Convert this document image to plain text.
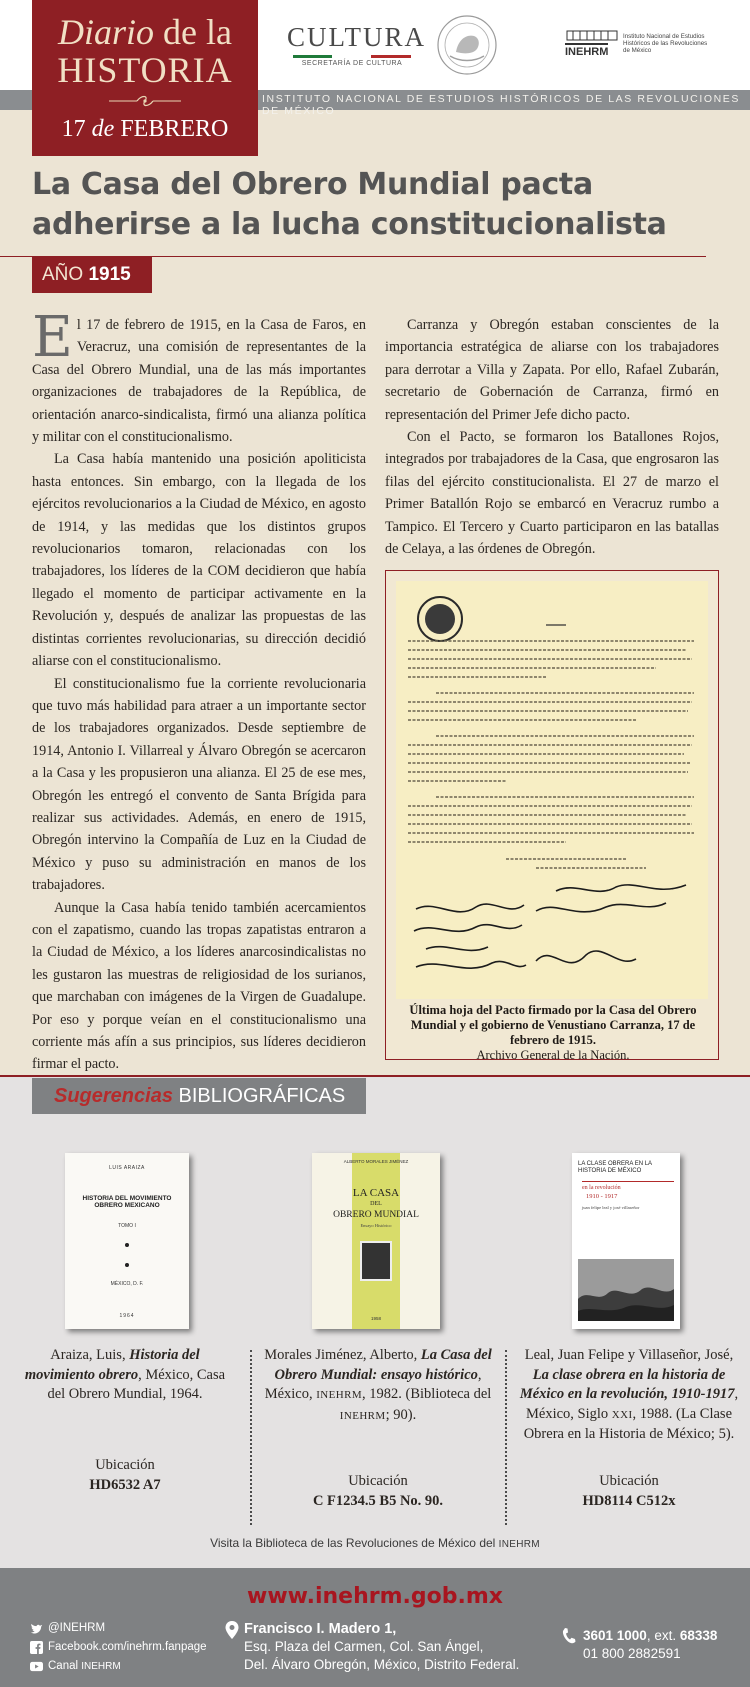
INSTITUTO NACIONAL DE ESTUDIOS HISTÓRICOS DE LAS REVOLUCIONES DE MÉXICO
Diario de la
HISTORIA
17 de FEBRERO
CULTURA
SECRETARÍA DE CULTURA
INEHRM
Instituto Nacional de Estudios Históricos de las Revoluciones de México
La Casa del Obrero Mundial pacta
adherirse a la lucha constitucionalista
AÑO 1915

El 17 de febrero de 1915, en la Casa de Faros, en Veracruz, una comisión de representantes de la Casa del Obrero Mundial, una de las más importantes organizaciones de trabajadores de la República, de orientación anarco-sindicalista, firmó una alianza política y militar con el constitucionalismo.

La Casa había mantenido una posición apoliticista hasta entonces. Sin embargo, con la llegada de los ejércitos revolucionarios a la Ciudad de México, en agosto de 1914, y las medidas que los distintos grupos revolucionarios tomaron, relacionadas con los trabajadores, los líderes de la COM decidieron que había llegado el momento de participar activamente en la Revolución y, después de analizar las propuestas de las distintas corrientes revolucionarias, su dirección decidió aliarse con el constitucionalismo.

El constitucionalismo fue la corriente revolucionaria que tuvo más habilidad para atraer a un importante sector de los trabajadores organizados. Desde septiembre de 1914, Antonio I. Villarreal y Álvaro Obregón se acercaron a la Casa y les propusieron una alianza. El 25 de ese mes, Obregón les entregó el convento de Santa Brígida para realizar sus actividades. Además, en enero de 1915, Obregón intervino la Compañía de Luz en la Ciudad de México y puso su administración en manos de los trabajadores.

Aunque la Casa había tenido también acercamientos con el zapatismo, cuando las tropas zapatistas entraron a la Ciudad de México, a los líderes anarcosindicalistas no les gustaron las muestras de religiosidad de los surianos, que marchaban con imágenes de la Virgen de Guadalupe. Por eso y porque veían en el constitucionalismo una corriente más afín a sus principios, sus líderes decidieron firmar el pacto.

Carranza y Obregón estaban conscientes de la importancia estratégica de aliarse con los trabajadores para derrotar a Villa y Zapata. Por ello, Rafael Zubarán, secretario de Gobernación de Carranza, firmó en representación del Primer Jefe dicho pacto.

Con el Pacto, se formaron los Batallones Rojos, integrados por trabajadores de la Casa, que engrosaron las filas del ejército constitucionalista. El 27 de marzo el Primer Batallón Rojo se embarcó en Veracruz rumbo a Tampico. El Tercero y Cuarto participaron en las batallas de Celaya, a las órdenes de Obregón.

Última hoja del Pacto firmado por la Casa del Obrero Mundial y el gobierno de Venustiano Carranza, 17 de febrero de 1915.
Archivo General de la Nación.
Sugerencias BIBLIOGRÁFICAS
LUIS ARAIZA
HISTORIA DEL MOVIMIENTO OBRERO MEXICANO
TOMO I
MÉXICO, D. F.
1964
ALBERTO MORALES JIMÉNEZ
LA CASA
DEL
OBRERO MUNDIAL
Ensayo Histórico
1958
LA CLASE OBRERA EN LA HISTORIA DE MÉXICO
en la revolución
1910 - 1917
juan felipe leal y josé villaseñor
Araiza, Luis, Historia del movimiento obrero, México, Casa del Obrero Mundial, 1964.
Morales Jiménez, Alberto, La Casa del Obrero Mundial: ensayo histórico, México, INEHRM, 1982. (Biblioteca del INEHRM; 90).
Leal, Juan Felipe y Villaseñor, José, La clase obrera en la historia de México en la revolución, 1910-1917, México, Siglo XXI, 1988. (La Clase Obrera en la Historia de México; 5).
Ubicación
HD6532 A7	Ubicación
C F1234.5 B5 No. 90.
Ubicación
HD8114 C512x
Visita la Biblioteca de las Revoluciones de México del INEHRM
www.inehrm.gob.mx
@INEHRM
Facebook.com/inehrm.fanpage
Canal INEHRM
Francisco I. Madero 1,
Esq. Plaza del Carmen, Col. San Ángel,
Del. Álvaro Obregón, México, Distrito Federal.
3601 1000, ext. 68338
01 800 2882591
